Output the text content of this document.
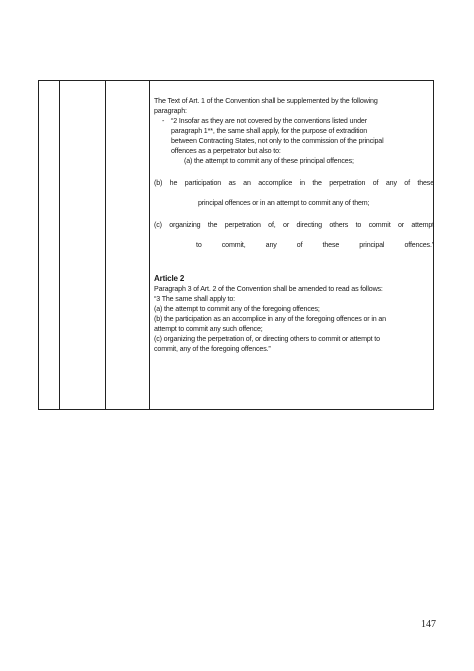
The Text of Art. 1 of the Convention shall be supplemented by the following

paragraph:

- “2 Insofar as they are not covered by the conventions listed under

paragraph 1**, the same shall apply, for the purpose of extradition

between Contracting States, not only to the commission of the principal

offences as a perpetrator but also to:

(a) the attempt to commit any of these principal offences;

(b) he participation as an accomplice in the perpetration of any of these

principal offences or in an attempt to commit any of them;

(c) organizing the perpetration of, or directing others to commit or attempt

to commit, any of these principal offences.”

Article 2

Paragraph 3 of Art. 2 of the Convention shall be amended to read as follows:

“3 The same shall apply to:

(a) the attempt to commit any of the foregoing offences;

(b) the participation as an accomplice in any of the foregoing offences or in an

attempt to commit any such offence;

(c) organizing the perpetration of, or directing others to commit or attempt to

commit, any of the foregoing offences.”

147
